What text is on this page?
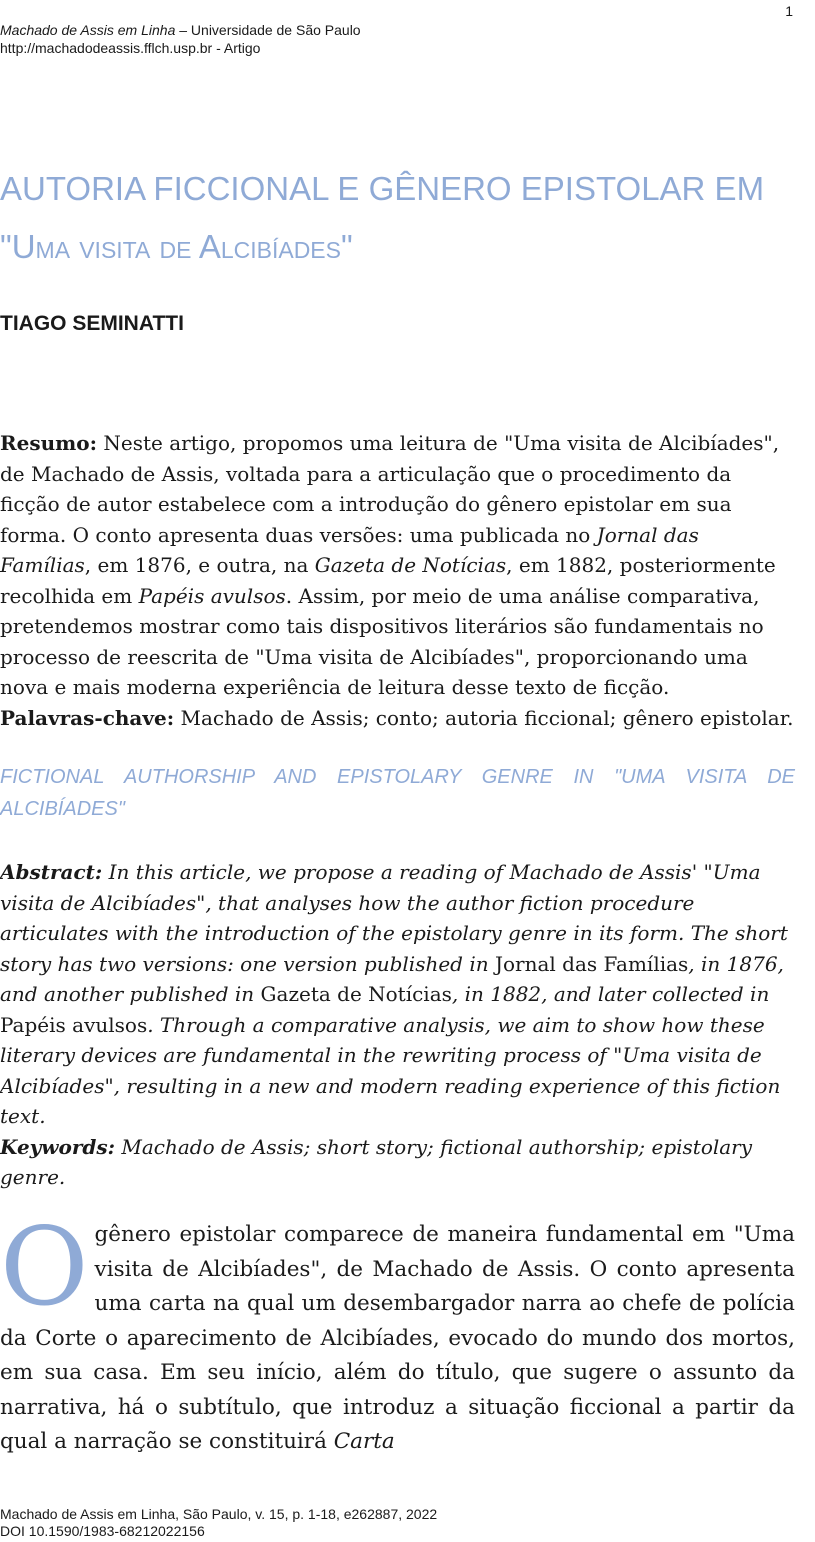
1
Machado de Assis em Linha – Universidade de São Paulo
http://machadodeassis.fflch.usp.br - Artigo
AUTORIA FICCIONAL E GÊNERO EPISTOLAR EM
"Uma visita de Alcibíades"
TIAGO SEMINATTI
Resumo: Neste artigo, propomos uma leitura de "Uma visita de Alcibíades", de Machado de Assis, voltada para a articulação que o procedimento da ficção de autor estabelece com a introdução do gênero epistolar em sua forma. O conto apresenta duas versões: uma publicada no Jornal das Famílias, em 1876, e outra, na Gazeta de Notícias, em 1882, posteriormente recolhida em Papéis avulsos. Assim, por meio de uma análise comparativa, pretendemos mostrar como tais dispositivos literários são fundamentais no processo de reescrita de "Uma visita de Alcibíades", proporcionando uma nova e mais moderna experiência de leitura desse texto de ficção.
Palavras-chave: Machado de Assis; conto; autoria ficcional; gênero epistolar.
FICTIONAL AUTHORSHIP AND EPISTOLARY GENRE IN "UMA VISITA DE ALCIBÍADES"
Abstract: In this article, we propose a reading of Machado de Assis' "Uma visita de Alcibíades", that analyses how the author fiction procedure articulates with the introduction of the epistolary genre in its form. The short story has two versions: one version published in Jornal das Famílias, in 1876, and another published in Gazeta de Notícias, in 1882, and later collected in Papéis avulsos. Through a comparative analysis, we aim to show how these literary devices are fundamental in the rewriting process of "Uma visita de Alcibíades", resulting in a new and modern reading experience of this fiction text.
Keywords: Machado de Assis; short story; fictional authorship; epistolary genre.
O gênero epistolar comparece de maneira fundamental em "Uma visita de Alcibíades", de Machado de Assis. O conto apresenta uma carta na qual um desembargador narra ao chefe de polícia da Corte o aparecimento de Alcibíades, evocado do mundo dos mortos, em sua casa. Em seu início, além do título, que sugere o assunto da narrativa, há o subtítulo, que introduz a situação ficcional a partir da qual a narração se constituirá Carta
Machado de Assis em Linha, São Paulo, v. 15, p. 1-18, e262887, 2022
DOI 10.1590/1983-68212022156
